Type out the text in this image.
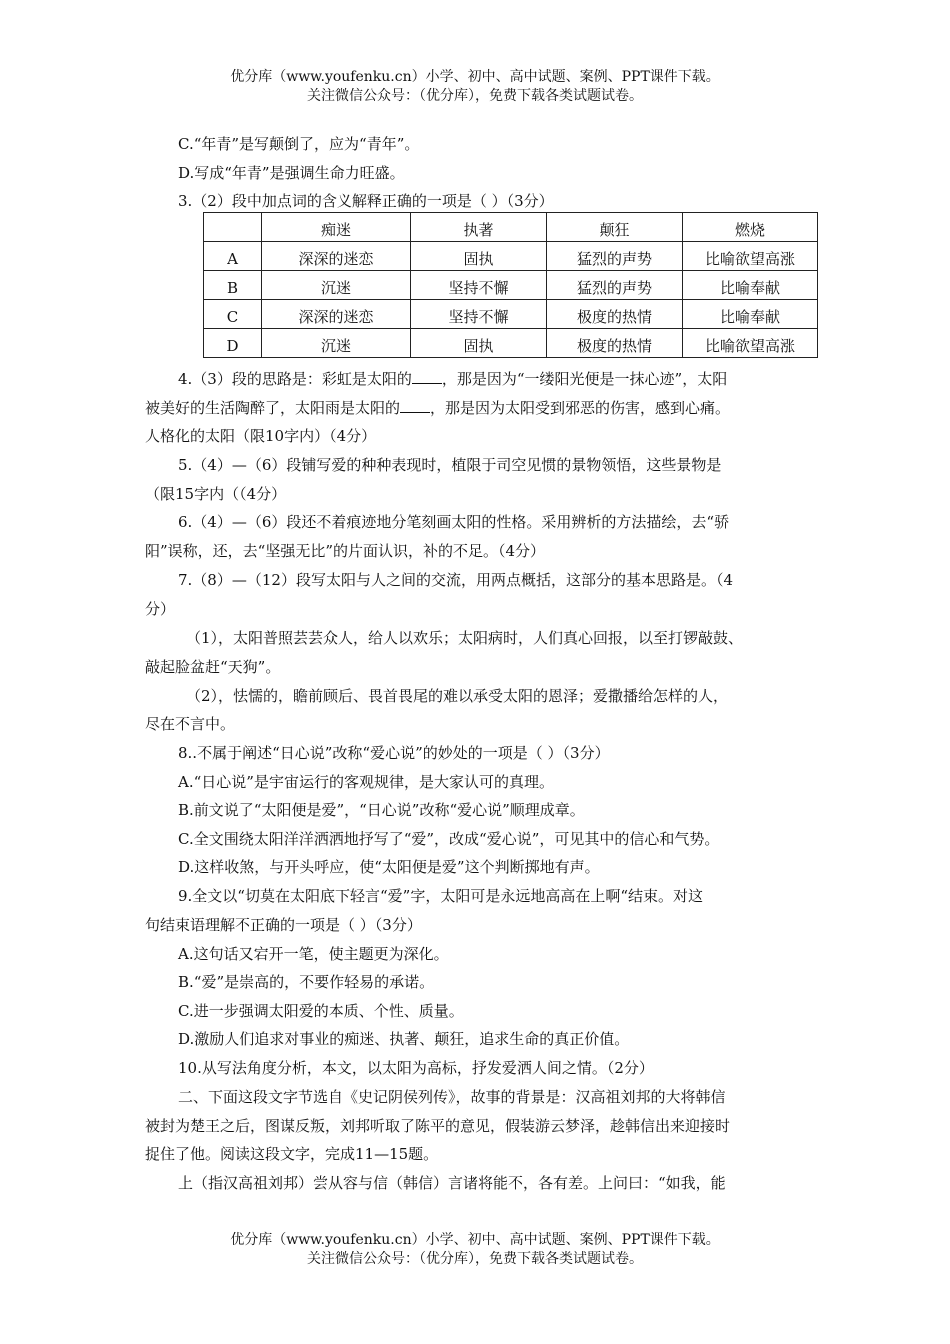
优分库（www.youfenku.cn）小学、初中、高中试题、案例、PPT课件下载。
关注微信公众号：（优分库），免费下载各类试题试卷。
C.“年青”是写颠倒了，应为“青年”。
D.写成“年青”是强调生命力旺盛。
3.（2）段中加点词的含义解释正确的一项是（ ）（3分）
	痴迷	执著	颠狂	燃烧
A	深深的迷恋	固执	猛烈的声势	比喻欲望高涨
B	沉迷	坚持不懈	猛烈的声势	比喻奉献
C	深深的迷恋	坚持不懈	极度的热情	比喻奉献
D	沉迷	固执	极度的热情	比喻欲望高涨
4.（3）段的思路是：彩虹是太阳的 ，那是因为“一缕阳光便是一抹心迹”，太阳
被美好的生活陶醉了，太阳雨是太阳的 ，那是因为太阳受到邪恶的伤害，感到心痛。
人格化的太阳（限10字内）（4分）
5.（4）—（6）段铺写爱的种种表现时，植限于司空见惯的景物领悟，这些景物是
（限15字内（（4分）
6.（4）—（6）段还不着痕迹地分笔刻画太阳的性格。采用辨析的方法描绘，去“骄
阳”误称，还，去“坚强无比”的片面认识，补的不足。（4分）
7.（8）—（12）段写太阳与人之间的交流，用两点概括，这部分的基本思路是。（4
分）
（1），太阳普照芸芸众人，给人以欢乐；太阳病时，人们真心回报，以至打锣敲鼓、
敲起脸盆赶“天狗”。
（2），怯懦的，瞻前顾后、畏首畏尾的难以承受太阳的恩泽；爱撒播给怎样的人，
尽在不言中。
8..不属于阐述“日心说”改称“爱心说”的妙处的一项是（ ）（3分）
A.“日心说”是宇宙运行的客观规律，是大家认可的真理。
B.前文说了“太阳便是爱”，“日心说”改称“爱心说”顺理成章。
C.全文围绕太阳洋洋洒洒地抒写了“爱”，改成“爱心说”，可见其中的信心和气势。
D.这样收煞，与开头呼应，使“太阳便是爱”这个判断掷地有声。
9.全文以“切莫在太阳底下轻言“爱”字，太阳可是永远地高高在上啊“结束。对这
句结束语理解不正确的一项是（ ）（3分）
A.这句话又宕开一笔，使主题更为深化。
B.“爱”是崇高的，不要作轻易的承诺。
C.进一步强调太阳爱的本质、个性、质量。
D.激励人们追求对事业的痴迷、执著、颠狂，追求生命的真正价值。
10.从写法角度分析，本文，以太阳为高标，抒发爱洒人间之情。（2分）
二、下面这段文字节选自《史记阴侯列传》，故事的背景是：汉高祖刘邦的大将韩信
被封为楚王之后，图谋反叛，刘邦听取了陈平的意见，假装游云梦泽，趁韩信出来迎接时
捉住了他。阅读这段文字，完成11—15题。
上（指汉高祖刘邦）尝从容与信（韩信）言诸将能不，各有差。上问曰：“如我，能
优分库（www.youfenku.cn）小学、初中、高中试题、案例、PPT课件下载。
关注微信公众号：（优分库），免费下载各类试题试卷。
